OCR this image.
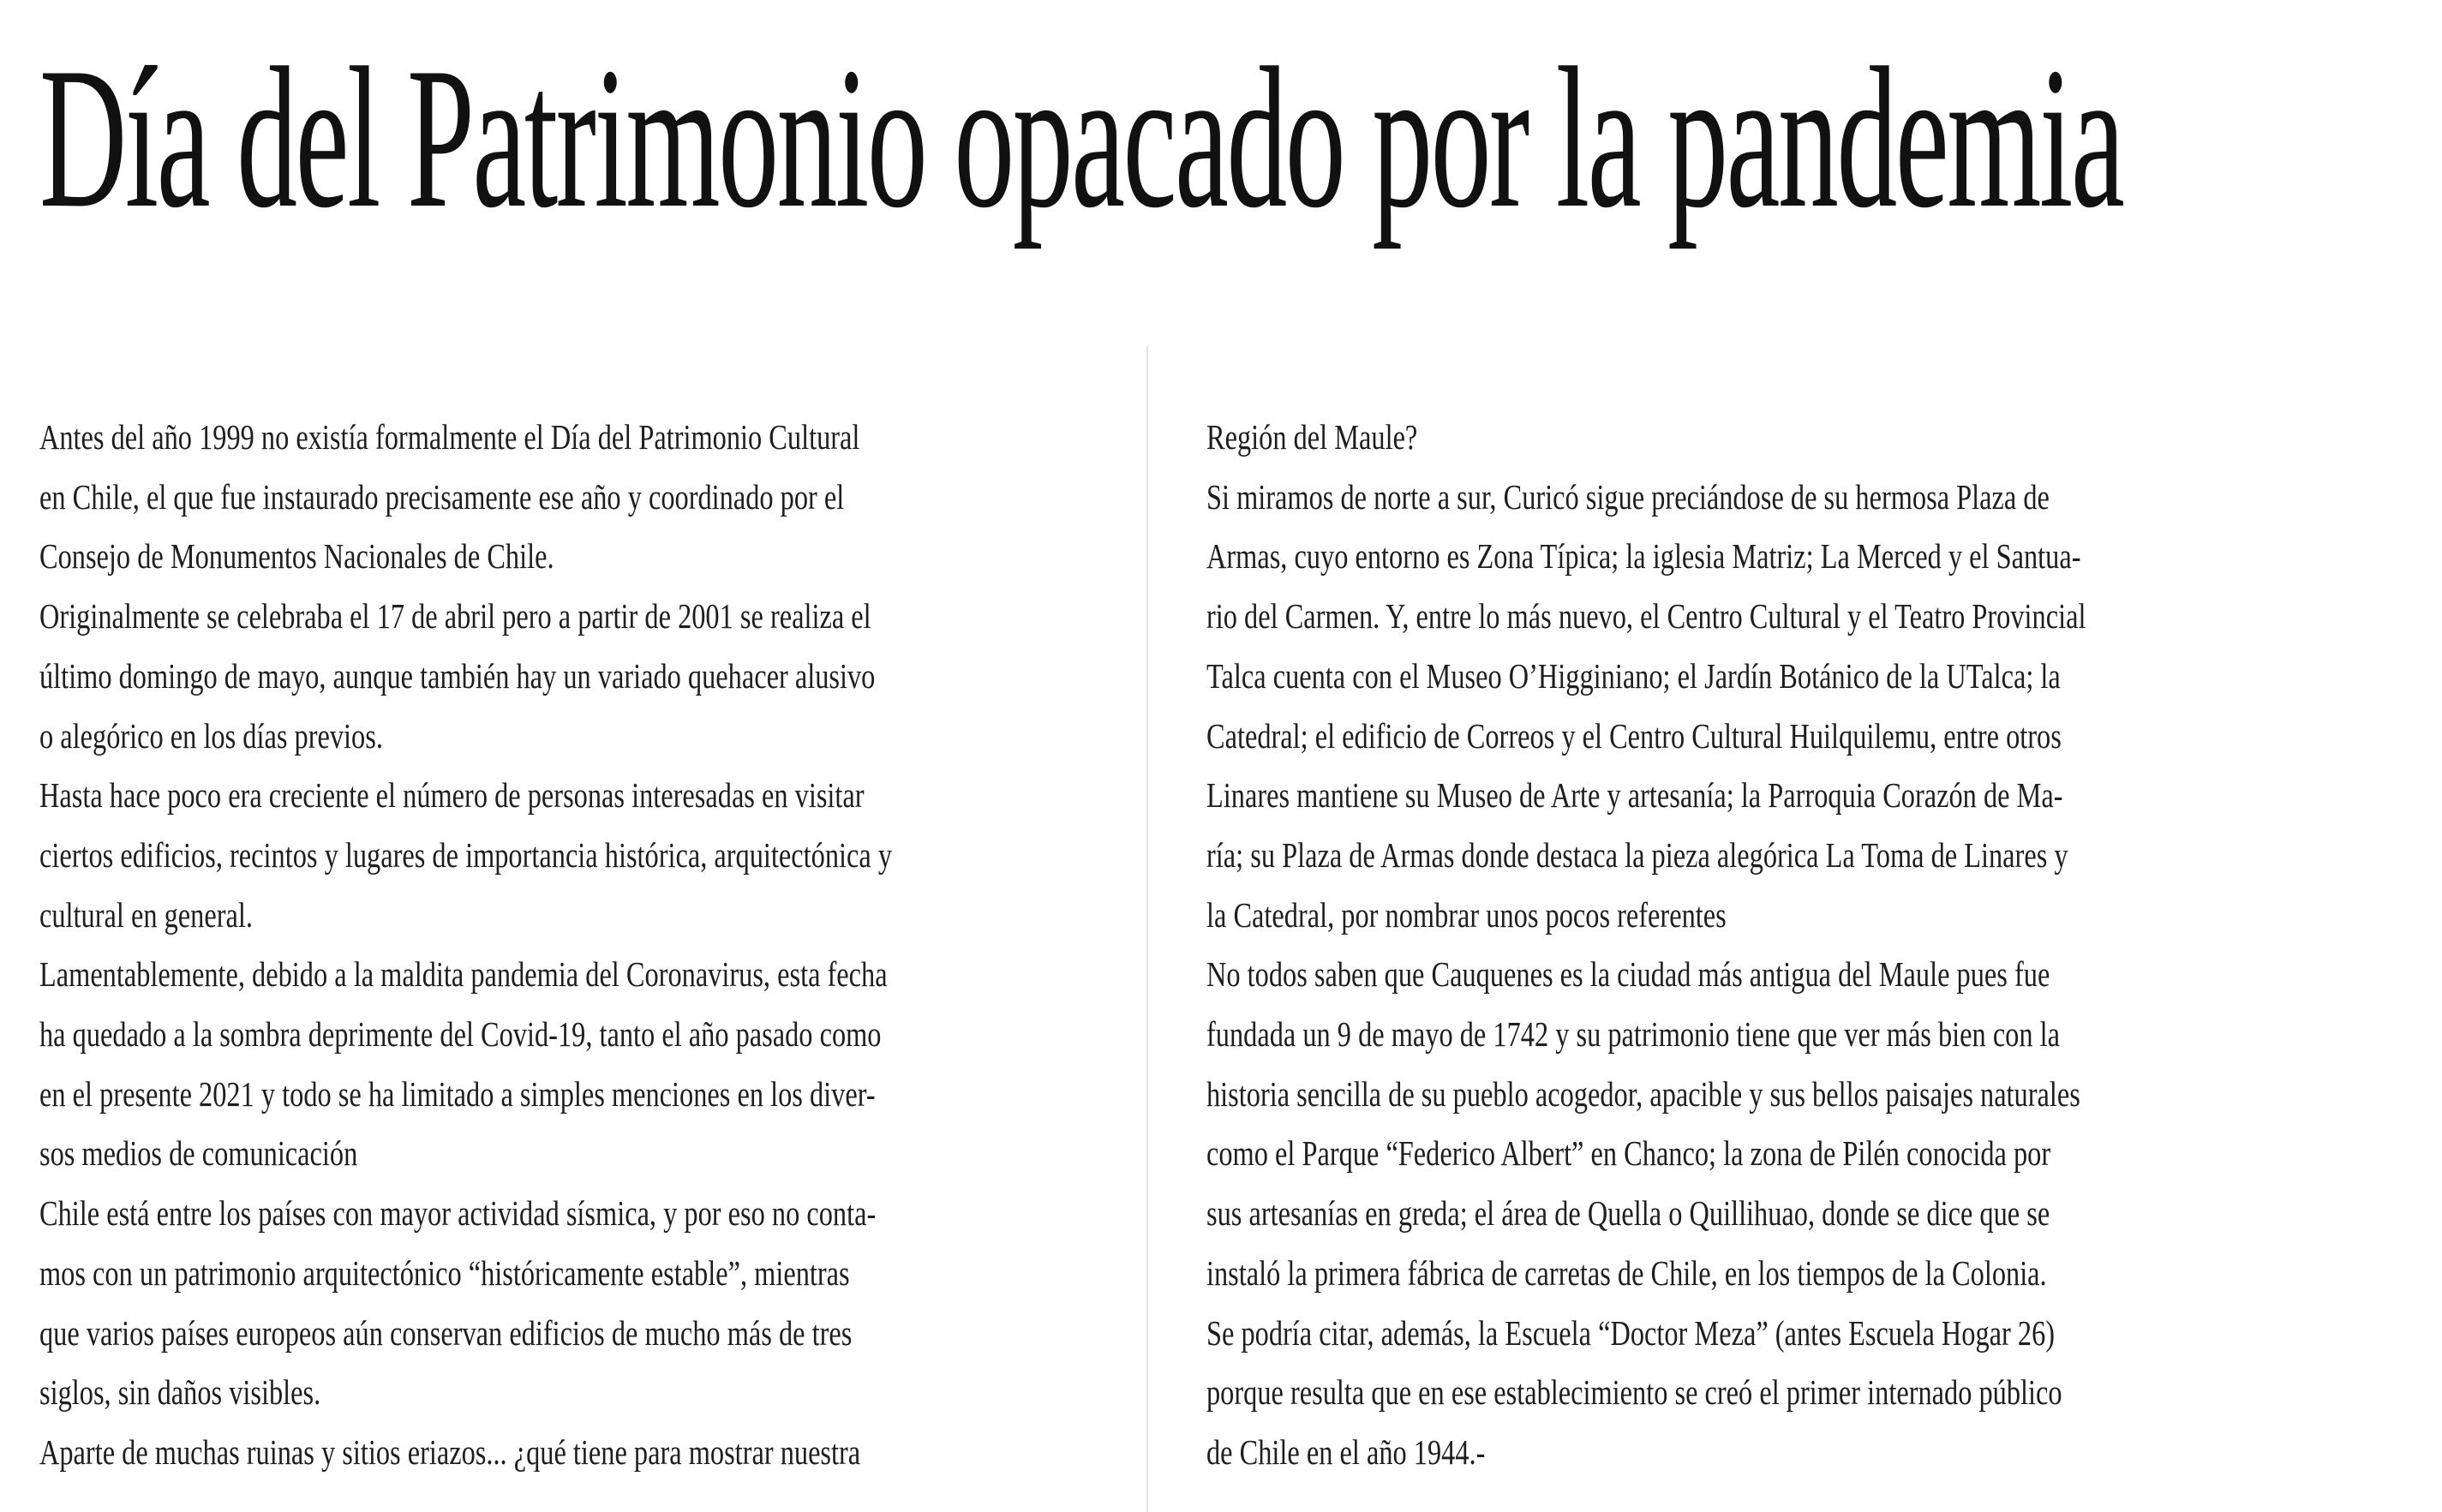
Día del Patrimonio opacado por la pandemia

Antes del año 1999 no existía formalmente el Día del Patrimonio Cultural

en Chile, el que fue instaurado precisamente ese año y coordinado por el

Consejo de Monumentos Nacionales de Chile.

Originalmente se celebraba el 17 de abril pero a partir de 2001 se realiza el

último domingo de mayo, aunque también hay un variado quehacer alusivo

o alegórico en los días previos.

Hasta hace poco era creciente el número de personas interesadas en visitar

ciertos edificios, recintos y lugares de importancia histórica, arquitectónica y

cultural en general.

Lamentablemente, debido a la maldita pandemia del Coronavirus, esta fecha

ha quedado a la sombra deprimente del Covid-19, tanto el año pasado como

en el presente 2021 y todo se ha limitado a simples menciones en los diver-

sos medios de comunicación

Chile está entre los países con mayor actividad sísmica, y por eso no conta-

mos con un patrimonio arquitectónico “históricamente estable”, mientras

que varios países europeos aún conservan edificios de mucho más de tres

siglos, sin daños visibles.

Aparte de muchas ruinas y sitios eriazos... ¿qué tiene para mostrar nuestra

Región del Maule?

Si miramos de norte a sur, Curicó sigue preciándose de su hermosa Plaza de

Armas, cuyo entorno es Zona Típica; la iglesia Matriz; La Merced y el Santua-

rio del Carmen. Y, entre lo más nuevo, el Centro Cultural y el Teatro Provincial

Talca cuenta con el Museo O’Higginiano; el Jardín Botánico de la UTalca; la

Catedral; el edificio de Correos y el Centro Cultural Huilquilemu, entre otros

Linares mantiene su Museo de Arte y artesanía; la Parroquia Corazón de Ma-

ría; su Plaza de Armas donde destaca la pieza alegórica La Toma de Linares y

la Catedral, por nombrar unos pocos referentes

No todos saben que Cauquenes es la ciudad más antigua del Maule pues fue

fundada un 9 de mayo de 1742 y su patrimonio tiene que ver más bien con la

historia sencilla de su pueblo acogedor, apacible y sus bellos paisajes naturales

como el Parque “Federico Albert” en Chanco; la zona de Pilén conocida por

sus artesanías en greda; el área de Quella o Quillihuao, donde se dice que se

instaló la primera fábrica de carretas de Chile, en los tiempos de la Colonia.

Se podría citar, además, la Escuela “Doctor Meza” (antes Escuela Hogar 26)

porque resulta que en ese establecimiento se creó el primer internado público

de Chile en el año 1944.-
